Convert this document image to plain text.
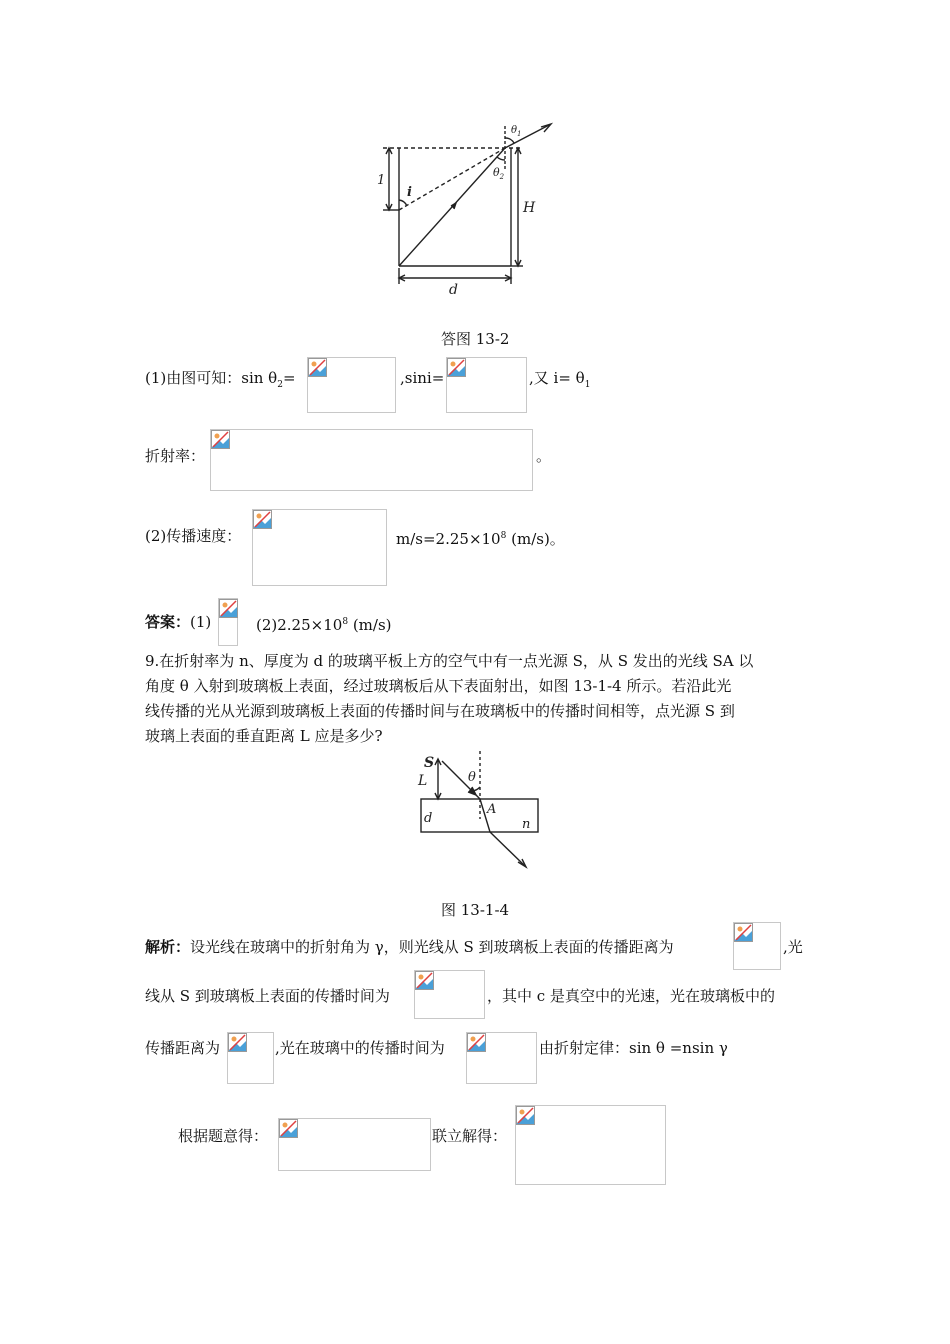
$\theta_1$
$\theta_2$
i
1
H
d
答图 13-2
(1)由图可知：$\sin \theta_2=$	,sini=	,又 $i= \theta_1$
折射率：	。
(2)传播速度：	$m/s=2.25\times 10^8$ (m/s)。
答案：(1)	$(2)2.25\times 10^8$ (m/s)
9.在折射率为 n、厚度为 d 的玻璃平板上方的空气中有一点光源 S，从 S 发出的光线 SA 以
角度 θ 入射到玻璃板上表面，经过玻璃板后从下表面射出，如图 13-1-4 所示。若沿此光
线传播的光从光源到玻璃板上表面的传播时间与在玻璃板中的传播时间相等，点光源 S 到
玻璃上表面的垂直距离 L 应是多少?
S
L	θ
A
d	n
图 13-1-4
解析：设光线在玻璃中的折射角为 γ，则光线从 S 到玻璃板上表面的传播距离为	,光
线从 S 到玻璃板上表面的传播时间为	，其中 c 是真空中的光速，光在玻璃板中的
传播距离为	,光在玻璃中的传播时间为	由折射定律：sin θ =nsin γ
根据题意得：	联立解得：
